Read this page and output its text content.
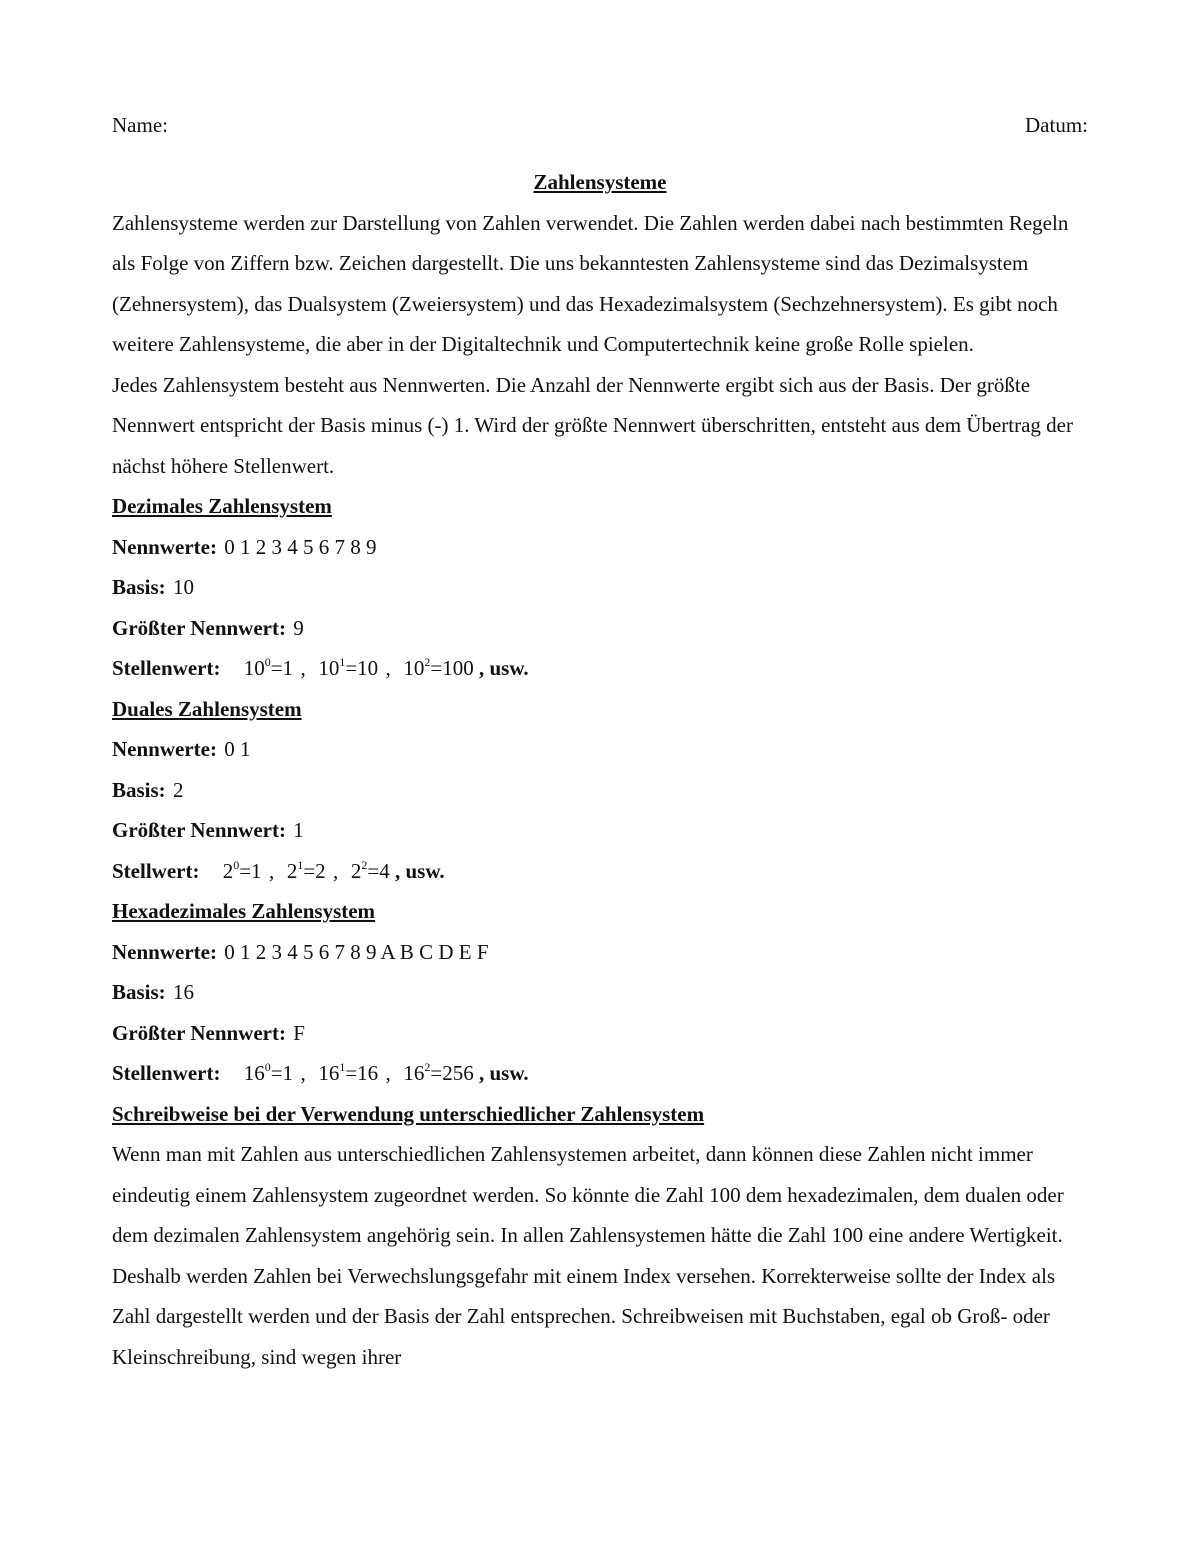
Name:	Datum:
Zahlensysteme

Zahlensysteme werden zur Darstellung von Zahlen verwendet. Die Zahlen werden dabei nach bestimmten Regeln als Folge von Ziffern bzw. Zeichen dargestellt. Die uns bekanntesten Zahlensysteme sind das Dezimalsystem (Zehnersystem), das Dualsystem (Zweiersystem) und das Hexadezimalsystem (Sechzehnersystem). Es gibt noch weitere Zahlensysteme, die aber in der Digitaltechnik und Computertechnik keine große Rolle spielen.

Jedes Zahlensystem besteht aus Nennwerten. Die Anzahl der Nennwerte ergibt sich aus der Basis. Der größte Nennwert entspricht der Basis minus (-) 1. Wird der größte Nennwert überschritten, entsteht aus dem Übertrag der nächst höhere Stellenwert.

Dezimales Zahlensystem
Nennwerte: 0 1 2 3 4 5 6 7 8 9
Basis: 10
Größter Nennwert: 9
Stellenwert: $10^0=1$ , $10^1=10$ , $10^2=100$ , usw.
Duales Zahlensystem
Nennwerte: 0 1
Basis: 2
Größter Nennwert: 1
Stellwert: $2^0=1$ , $2^1=2$ , $2^2=4$ , usw.
Hexadezimales Zahlensystem
Nennwerte: 0 1 2 3 4 5 6 7 8 9 A B C D E F
Basis: 16
Größter Nennwert: F
Stellenwert: $16^0=1$ , $16^1=16$ , $16^2=256$ , usw.
Schreibweise bei der Verwendung unterschiedlicher Zahlensystem

Wenn man mit Zahlen aus unterschiedlichen Zahlensystemen arbeitet, dann können diese Zahlen nicht immer eindeutig einem Zahlensystem zugeordnet werden. So könnte die Zahl 100 dem hexadezimalen, dem dualen oder dem dezimalen Zahlensystem angehörig sein. In allen Zahlensystemen hätte die Zahl 100 eine andere Wertigkeit. Deshalb werden Zahlen bei Verwechslungsgefahr mit einem Index versehen. Korrekterweise sollte der Index als Zahl dargestellt werden und der Basis der Zahl entsprechen. Schreibweisen mit Buchstaben, egal ob Groß- oder Kleinschreibung, sind wegen ihrer
